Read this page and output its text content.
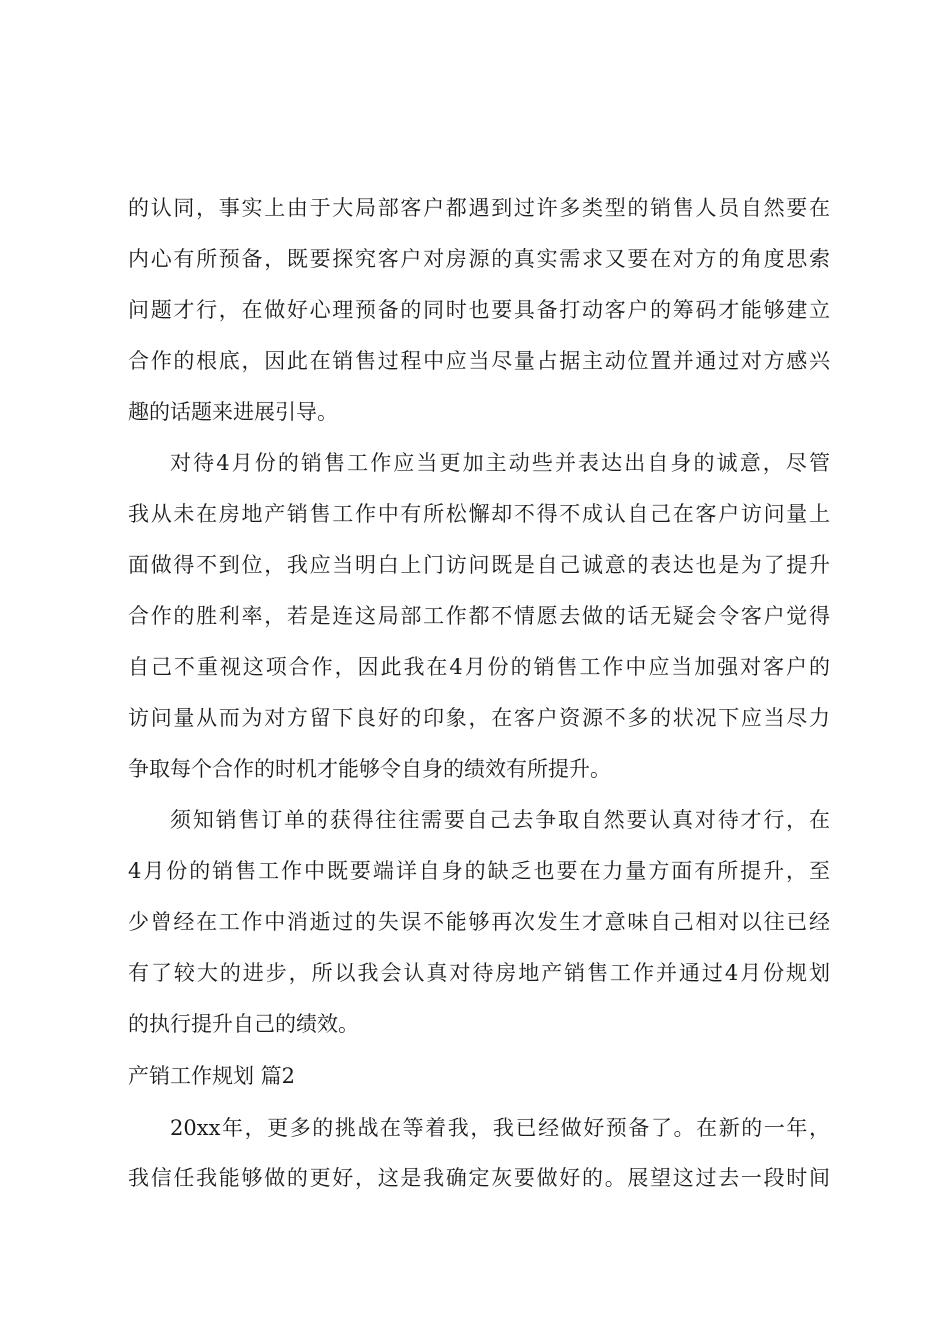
的认同，事实上由于大局部客户都遇到过许多类型的销售人员自然要在
内心有所预备，既要探究客户对房源的真实需求又要在对方的角度思索
问题才行，在做好心理预备的同时也要具备打动客户的筹码才能够建立
合作的根底，因此在销售过程中应当尽量占据主动位置并通过对方感兴
趣的话题来进展引导。
对待4月份的销售工作应当更加主动些并表达出自身的诚意，尽管
我从未在房地产销售工作中有所松懈却不得不成认自己在客户访问量上
面做得不到位，我应当明白上门访问既是自己诚意的表达也是为了提升
合作的胜利率，若是连这局部工作都不情愿去做的话无疑会令客户觉得
自己不重视这项合作，因此我在4月份的销售工作中应当加强对客户的
访问量从而为对方留下良好的印象，在客户资源不多的状况下应当尽力
争取每个合作的时机才能够令自身的绩效有所提升。
须知销售订单的获得往往需要自己去争取自然要认真对待才行，在
4月份的销售工作中既要端详自身的缺乏也要在力量方面有所提升，至
少曾经在工作中消逝过的失误不能够再次发生才意味自己相对以往已经
有了较大的进步，所以我会认真对待房地产销售工作并通过4月份规划
的执行提升自己的绩效。
产销工作规划 篇2
20xx年，更多的挑战在等着我，我已经做好预备了。在新的一年，
我信任我能够做的更好，这是我确定灰要做好的。展望这过去一段时间
